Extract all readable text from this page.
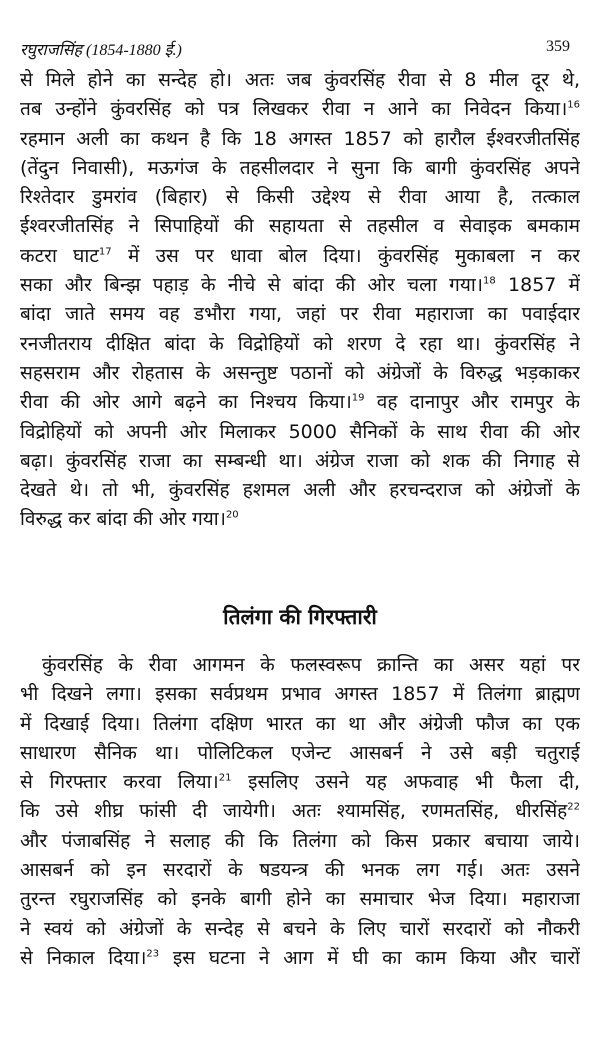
रघुराजसिंह (1854-1880 ई.)	359
से मिले होने का सन्देह हो। अतः जब कुंवरसिंह रीवा से 8 मील दूर थे,
तब उन्होंने कुंवरसिंह को पत्र लिखकर रीवा न आने का निवेदन किया।$^{16}$
रहमान अली का कथन है कि 18 अगस्त 1857 को हारौल ईश्वरजीतसिंह
(तेंदुन निवासी), मऊगंज के तहसीलदार ने सुना कि बागी कुंवरसिंह अपने
रिश्तेदार डुमरांव (बिहार) से किसी उद्देश्य से रीवा आया है, तत्काल
ईश्वरजीतसिंह ने सिपाहियों की सहायता से तहसील व सेवाइक बमकाम
कटरा घाट$^{17}$ में उस पर धावा बोल दिया। कुंवरसिंह मुकाबला न कर
सका और बिन्झ पहाड़ के नीचे से बांदा की ओर चला गया।$^{18}$ 1857 में
बांदा जाते समय वह डभौरा गया, जहां पर रीवा महाराजा का पवाईदार
रनजीतराय दीक्षित बांदा के विद्रोहियों को शरण दे रहा था। कुंवरसिंह ने
सहसराम और रोहतास के असन्तुष्ट पठानों को अंग्रेजों के विरुद्ध भड़काकर
रीवा की ओर आगे बढ़ने का निश्चय किया।$^{19}$ वह दानापुर और रामपुर के
विद्रोहियों को अपनी ओर मिलाकर 5000 सैनिकों के साथ रीवा की ओर
बढ़ा। कुंवरसिंह राजा का सम्बन्धी था। अंग्रेज राजा को शक की निगाह से
देखते थे। तो भी, कुंवरसिंह हशमल अली और हरचन्दराज को अंग्रेजों के
विरुद्ध कर बांदा की ओर गया।$^{20}$
तिलंगा की गिरफ्तारी
कुंवरसिंह के रीवा आगमन के फलस्वरूप क्रान्ति का असर यहां पर
भी दिखने लगा। इसका सर्वप्रथम प्रभाव अगस्त 1857 में तिलंगा ब्राह्मण
में दिखाई दिया। तिलंगा दक्षिण भारत का था और अंग्रेजी फौज का एक
साधारण सैनिक था। पोलिटिकल एजेन्ट आसबर्न ने उसे बड़ी चतुराई
से गिरफ्तार करवा लिया।$^{21}$ इसलिए उसने यह अफवाह भी फैला दी,
कि उसे शीघ्र फांसी दी जायेगी। अतः श्यामसिंह, रणमतसिंह, धीरसिंह$^{22}$
और पंजाबसिंह ने सलाह की कि तिलंगा को किस प्रकार बचाया जाये।
आसबर्न को इन सरदारों के षडयन्त्र की भनक लग गई। अतः उसने
तुरन्त रघुराजसिंह को इनके बागी होने का समाचार भेज दिया। महाराजा
ने स्वयं को अंग्रेजों के सन्देह से बचने के लिए चारों सरदारों को नौकरी
से निकाल दिया।$^{23}$ इस घटना ने आग में घी का काम किया और चारों
